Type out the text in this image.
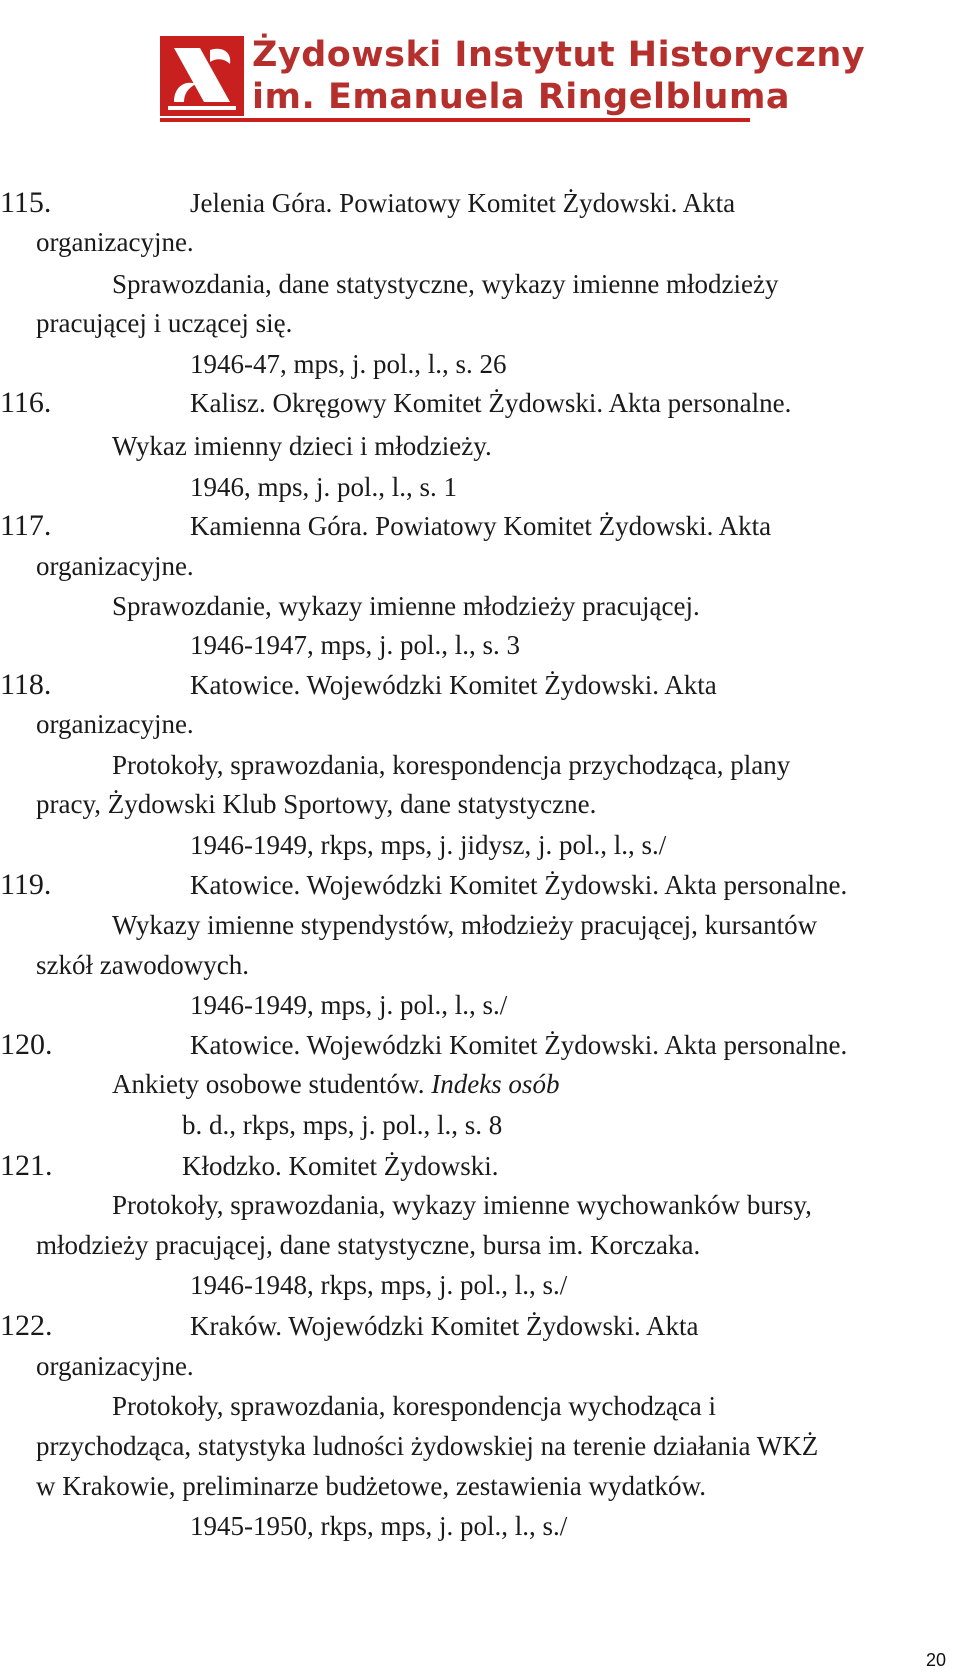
Żydowski Instytut Historyczny
im. Emanuela Ringelbluma
115.	Jelenia Góra. Powiatowy Komitet Żydowski. Akta
organizacyjne.
Sprawozdania, dane statystyczne, wykazy imienne młodzieży
pracującej i uczącej się.
1946-47, mps, j. pol., l., s. 26
116.	Kalisz. Okręgowy Komitet Żydowski. Akta personalne.
Wykaz imienny dzieci i młodzieży.
1946, mps, j. pol., l., s. 1
117.	Kamienna Góra. Powiatowy Komitet Żydowski. Akta
organizacyjne.
Sprawozdanie, wykazy imienne młodzieży pracującej.
1946-1947, mps, j. pol., l., s. 3
118.	Katowice. Wojewódzki Komitet Żydowski. Akta
organizacyjne.
Protokoły, sprawozdania, korespondencja przychodząca, plany
pracy, Żydowski Klub Sportowy, dane statystyczne.
1946-1949, rkps, mps, j. jidysz, j. pol., l., s./
119.	Katowice. Wojewódzki Komitet Żydowski. Akta personalne.
Wykazy imienne stypendystów, młodzieży pracującej, kursantów
szkół zawodowych.
1946-1949, mps, j. pol., l., s./
120.	Katowice. Wojewódzki Komitet Żydowski. Akta personalne.
Ankiety osobowe studentów. Indeks osób
b. d., rkps, mps, j. pol., l., s. 8
121.	Kłodzko. Komitet Żydowski.
Protokoły, sprawozdania, wykazy imienne wychowanków bursy,
młodzieży pracującej, dane statystyczne, bursa im. Korczaka.
1946-1948, rkps, mps, j. pol., l., s./
122.	Kraków. Wojewódzki Komitet Żydowski. Akta
organizacyjne.
Protokoły, sprawozdania, korespondencja wychodząca i
przychodząca, statystyka ludności żydowskiej na terenie działania WKŻ
w Krakowie, preliminarze budżetowe, zestawienia wydatków.
1945-1950, rkps, mps, j. pol., l., s./
20
